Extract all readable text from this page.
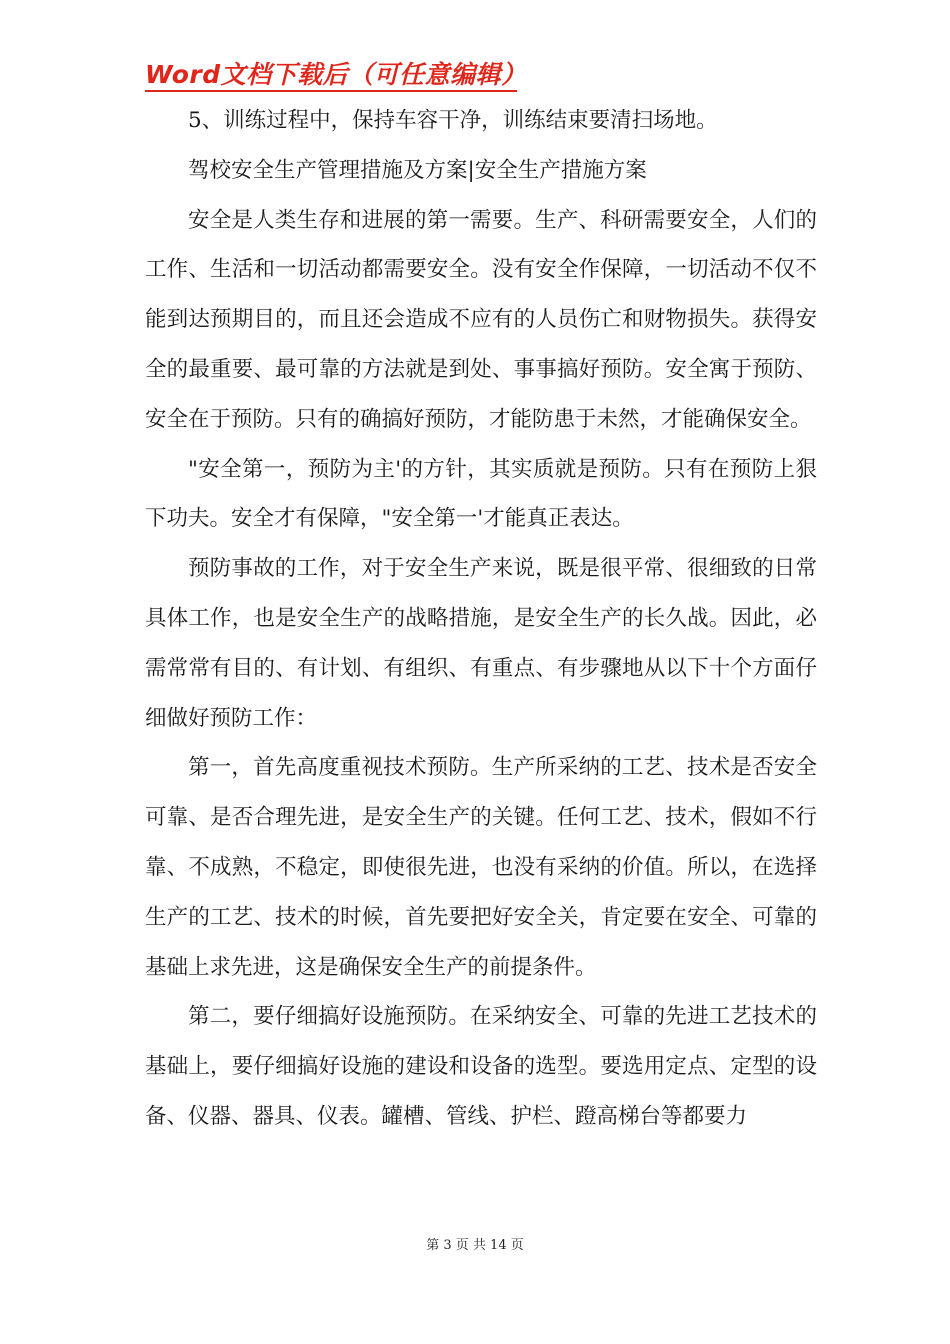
Word文档下载后（可任意编辑）

5、训练过程中，保持车容干净，训练结束要清扫场地。

驾校安全生产管理措施及方案|安全生产措施方案

安全是人类生存和进展的第一需要。生产、科研需要安全，人们的工作、生活和一切活动都需要安全。没有安全作保障，一切活动不仅不能到达预期目的，而且还会造成不应有的人员伤亡和财物损失。获得安全的最重要、最可靠的方法就是到处、事事搞好预防。安全寓于预防、安全在于预防。只有的确搞好预防，才能防患于未然，才能确保安全。

"安全第一，预防为主'的方针，其实质就是预防。只有在预防上狠下功夫。安全才有保障，"安全第一'才能真正表达。

预防事故的工作，对于安全生产来说，既是很平常、很细致的日常具体工作，也是安全生产的战略措施，是安全生产的长久战。因此，必需常常有目的、有计划、有组织、有重点、有步骤地从以下十个方面仔细做好预防工作：

第一，首先高度重视技术预防。生产所采纳的工艺、技术是否安全可靠、是否合理先进，是安全生产的关键。任何工艺、技术，假如不行靠、不成熟，不稳定，即使很先进，也没有采纳的价值。所以，在选择生产的工艺、技术的时候，首先要把好安全关，肯定要在安全、可靠的基础上求先进，这是确保安全生产的前提条件。

第二，要仔细搞好设施预防。在采纳安全、可靠的先进工艺技术的基础上，要仔细搞好设施的建设和设备的选型。要选用定点、定型的设备、仪器、器具、仪表。罐槽、管线、护栏、蹬高梯台等都要力

第 3 页 共 14 页
